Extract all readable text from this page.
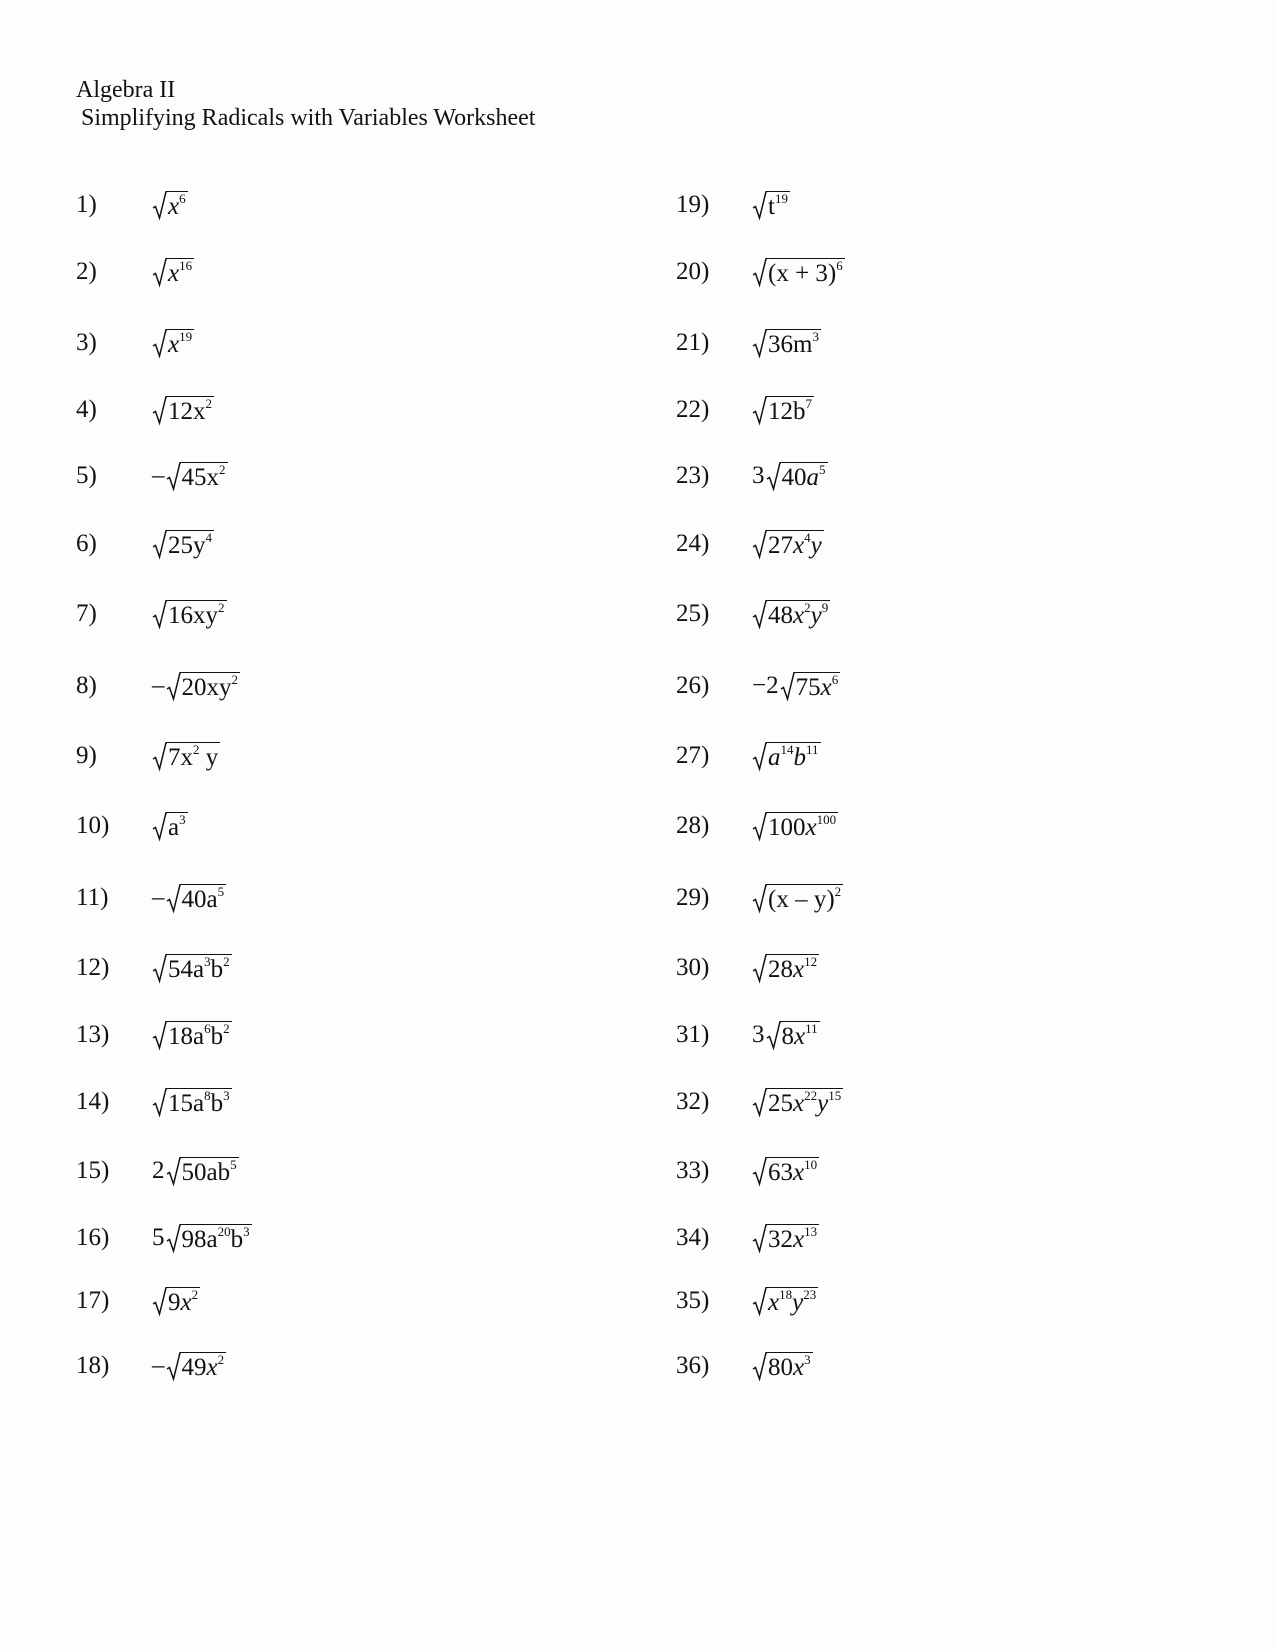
Algebra II
Simplifying Radicals with Variables Worksheet
1)	$x^6$
2)	$x^{16}$
3)	$x^{19}$
4)	$12x^2$
5)	– $45x^2$
6)	$25y^4$
7)	$16xy^2$
8)	– $20xy^2$
9)	$7x^2$ y
10)	$a^3$
11)	– $40a^5$
12)	$54a^3b^2$
13)	$18a^6b^2$
14)	$15a^8b^3$
15)	2 $50ab^5$
16)	5 $98a^{20}b^3$
17)	$9x^2$
18)	– $49x^2$
19)	$t^{19}$
20)	$(x + 3)^6$
21)	$36m^3$
22)	$12b^7$
23)	3 $40a^5$
24)	$27x^4y$
25)	$48x^2y^9$
26)	−2 $75x^6$
27)	$a^{14}b^{11}$
28)	$100x^{100}$
29)	(x – y)$^2$
30)	$28x^{12}$
31)	3 $8x^{11}$
32)	$25x^{22}y^{15}$
33)	$63x^{10}$
34)	$32x^{13}$
35)	$x^{18}y^{23}$
36)	$80x^3$
